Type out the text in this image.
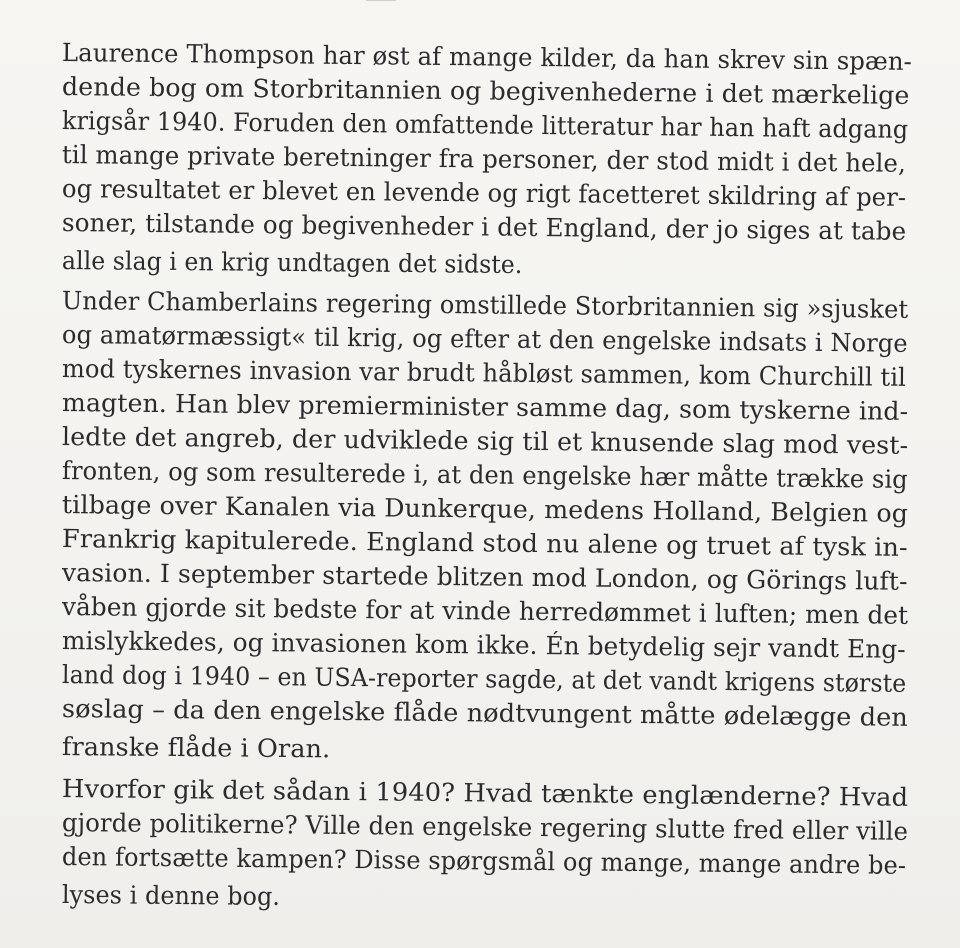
Laurence Thompson har øst af mange kilder, da han skrev sin spæn-
dende bog om Storbritannien og begivenhederne i det mærkelige
krigsår 1940. Foruden den omfattende litteratur har han haft adgang
til mange private beretninger fra personer, der stod midt i det hele,
og resultatet er blevet en levende og rigt facetteret skildring af per-
soner, tilstande og begivenheder i det England, der jo siges at tabe
alle slag i en krig undtagen det sidste.
Under Chamberlains regering omstillede Storbritannien sig »sjusket
og amatørmæssigt« til krig, og efter at den engelske indsats i Norge
mod tyskernes invasion var brudt håbløst sammen, kom Churchill til
magten. Han blev premierminister samme dag, som tyskerne ind-
ledte det angreb, der udviklede sig til et knusende slag mod vest-
fronten, og som resulterede i, at den engelske hær måtte trække sig
tilbage over Kanalen via Dunkerque, medens Holland, Belgien og
Frankrig kapitulerede. England stod nu alene og truet af tysk in-
vasion. I september startede blitzen mod London, og Görings luft-
våben gjorde sit bedste for at vinde herredømmet i luften; men det
mislykkedes, og invasionen kom ikke. Én betydelig sejr vandt Eng-
land dog i 1940 – en USA-reporter sagde, at det vandt krigens største
søslag – da den engelske flåde nødtvungent måtte ødelægge den
franske flåde i Oran.
Hvorfor gik det sådan i 1940? Hvad tænkte englænderne? Hvad
gjorde politikerne? Ville den engelske regering slutte fred eller ville
den fortsætte kampen? Disse spørgsmål og mange, mange andre be-
lyses i denne bog.
